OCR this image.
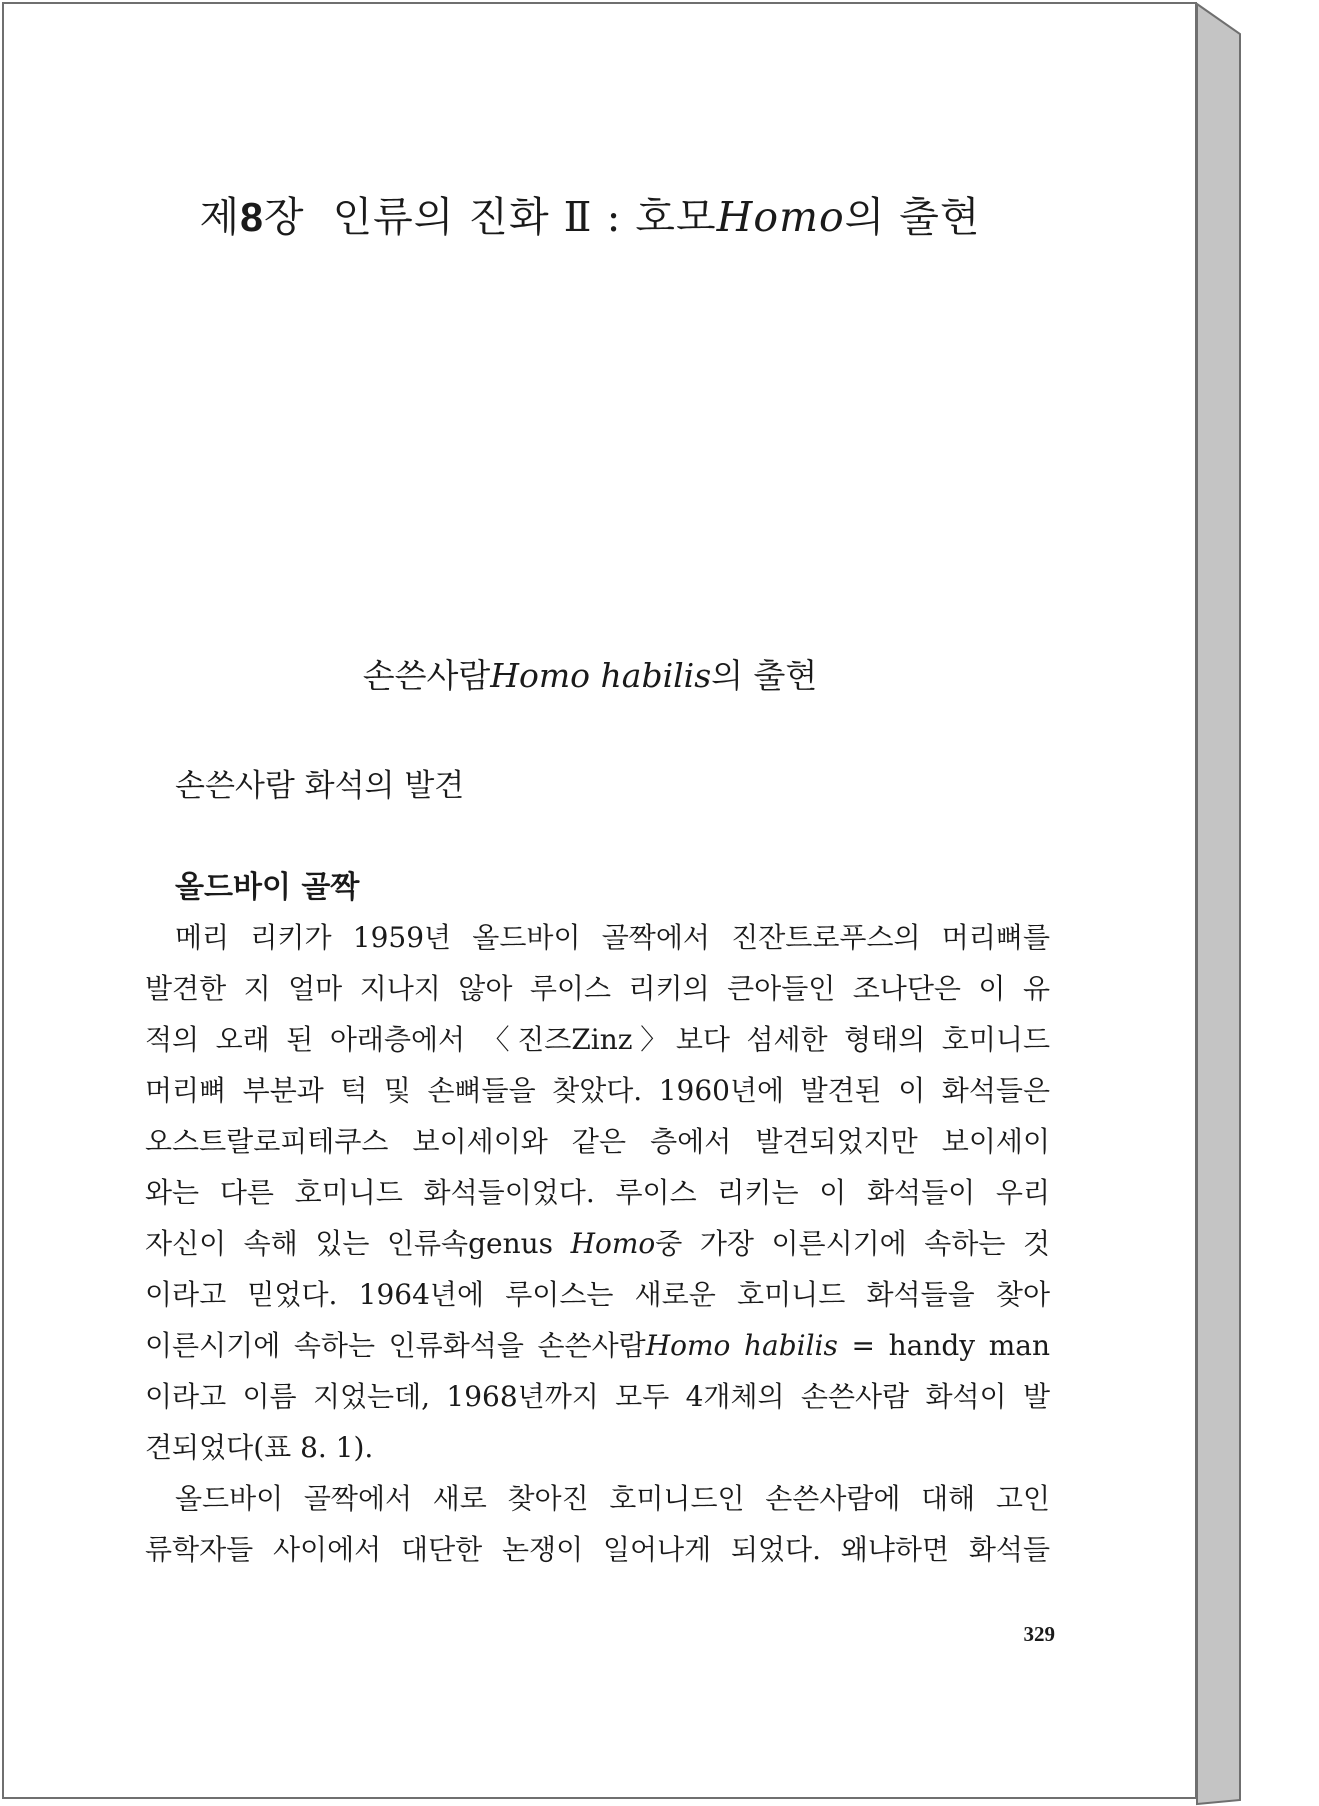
제8장 인류의 진화 Ⅱ : 호모Homo의 출현
손쓴사람Homo habilis의 출현
손쓴사람 화석의 발견
올드바이 골짝
메리 리키가 1959년 올드바이 골짝에서 진잔트로푸스의 머리뼈를
발견한 지 얼마 지나지 않아 루이스 리키의 큰아들인 조나단은 이 유
적의 오래 된 아래층에서 〈진즈Zinz〉보다 섬세한 형태의 호미니드
머리뼈 부분과 턱 및 손뼈들을 찾았다. 1960년에 발견된 이 화석들은
오스트랄로피테쿠스 보이세이와 같은 층에서 발견되었지만 보이세이
와는 다른 호미니드 화석들이었다. 루이스 리키는 이 화석들이 우리
자신이 속해 있는 인류속genus Homo중 가장 이른시기에 속하는 것
이라고 믿었다. 1964년에 루이스는 새로운 호미니드 화석들을 찾아
이른시기에 속하는 인류화석을 손쓴사람Homo habilis = handy man
이라고 이름 지었는데, 1968년까지 모두 4개체의 손쓴사람 화석이 발
견되었다(표 8. 1).
올드바이 골짝에서 새로 찾아진 호미니드인 손쓴사람에 대해 고인
류학자들 사이에서 대단한 논쟁이 일어나게 되었다. 왜냐하면 화석들
329
